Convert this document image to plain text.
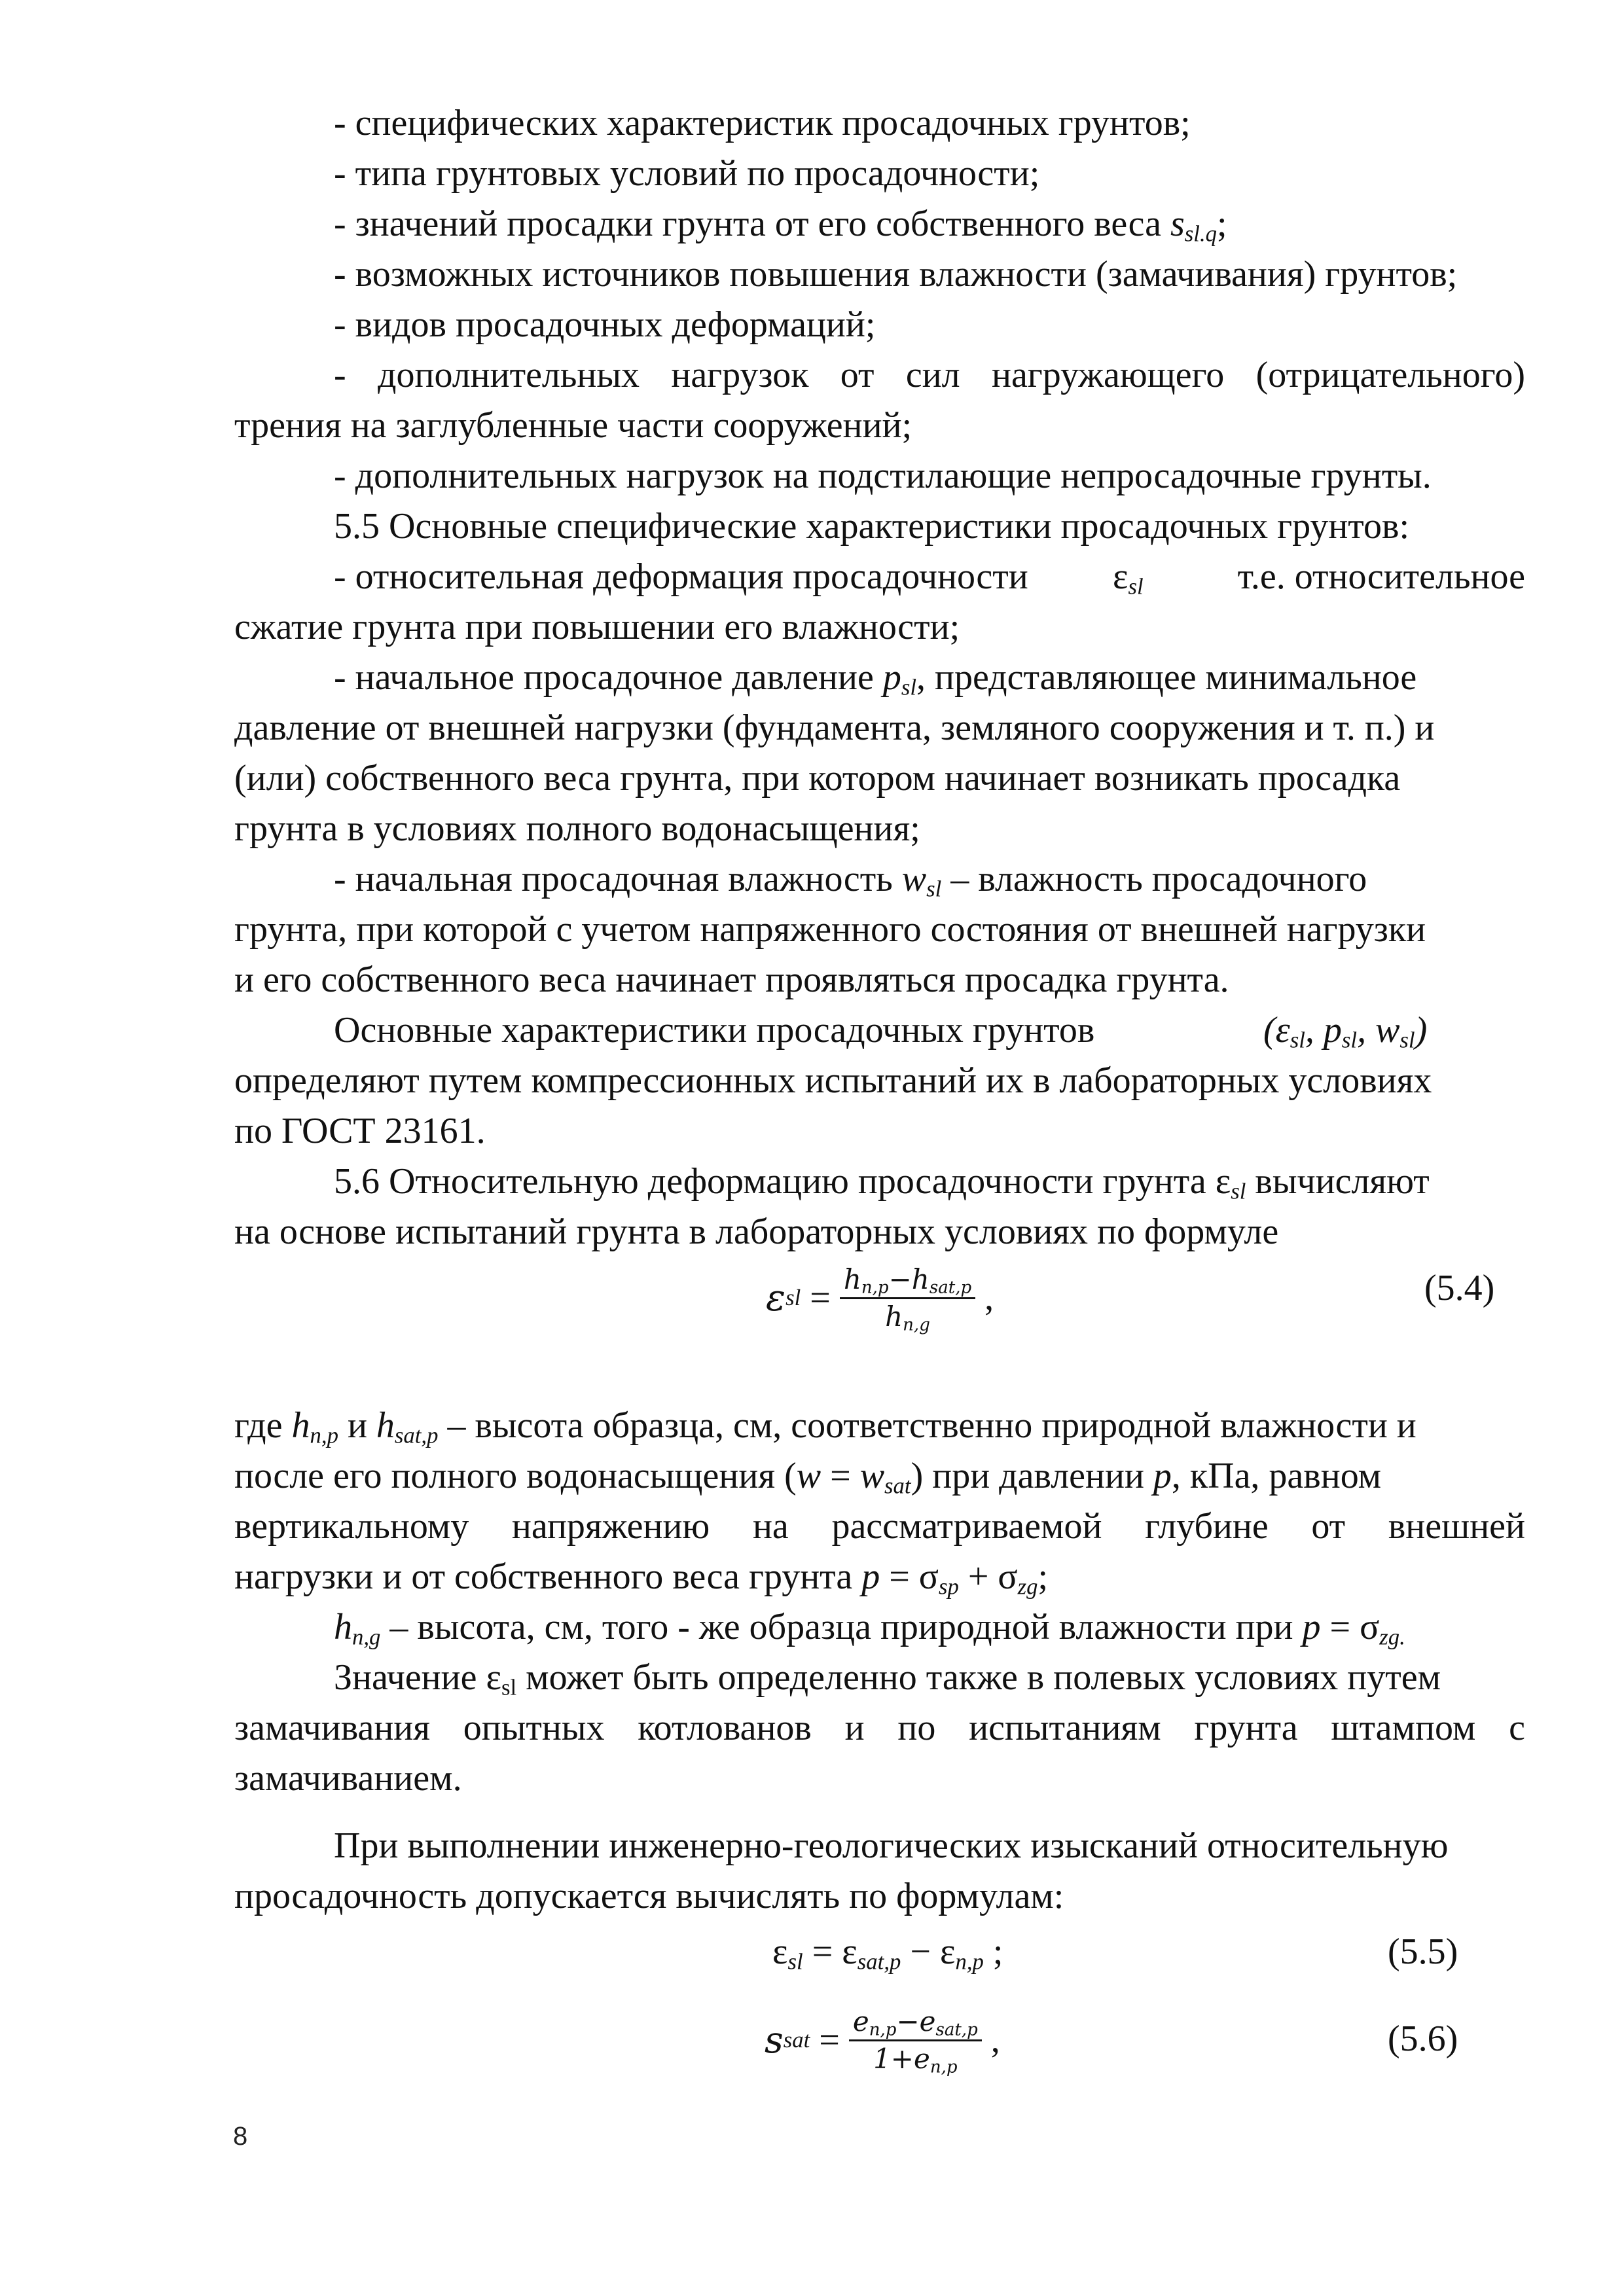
- специфических характеристик просадочных грунтов;
- типа грунтовых условий по просадочности;
- значений просадки грунта от его собственного веса $s_{sl.q}$;
- возможных источников повышения влажности (замачивания) грунтов;
- видов просадочных деформаций;
- дополнительных нагрузок от сил нагружающего (отрицательного)
трения на заглубленные части сооружений;
- дополнительных нагрузок на подстилающие непросадочные грунты.
5.5 Основные специфические характеристики просадочных грунтов:
- относительная деформация просадочности $\varepsilon_{sl}$	т.е. относительное
сжатие грунта при повышении его влажности;
- начальное просадочное давление $p_{sl}$, представляющее минимальное
давление от внешней нагрузки (фундамента, земляного сооружения и т. п.) и
(или) собственного веса грунта, при котором начинает возникать просадка
грунта в условиях полного водонасыщения;
- начальная просадочная влажность $w_{sl}$ – влажность просадочного
грунта, при которой с учетом напряженного состояния от внешней нагрузки
и его собственного веса начинает проявляться просадка грунта.
Основные характеристики просадочных грунтов	($\varepsilon_{sl}$, $p_{sl}$, $w_{sl}$)
определяют путем компрессионных испытаний их в лабораторных условиях
по ГОСТ 23161.
5.6 Относительную деформацию просадочности грунта $\varepsilon_{sl}$ вычисляют
на основе испытаний грунта в лабораторных условиях по формуле
ε sl = $\frac{h_{n,p}-h_{sat,p}}{h_{n,g}}$ ,	(5.4)
где $h_{n,p}$ и $h_{sat,p}$ – высота образца, см, соответственно природной влажности и
после его полного водонасыщения $(w = w_{sat})$ при давлении p, кПа, равном
вертикальному напряжению на рассматриваемой глубине от внешней
нагрузки и от собственного веса грунта $p = \sigma_{sp} + \sigma_{zg}$;
$h_{n,g}$ – высота, см, того - же образца природной влажности при $p = \sigma_{zg.}$
Значение $\varepsilon_{sl}$ может быть определенно также в полевых условиях путем
замачивания опытных котлованов и по испытаниям грунта штампом с
замачиванием.
При выполнении инженерно-геологических изысканий относительную
просадочность допускается вычислять по формулам:
$\varepsilon_{sl} = \varepsilon_{sat,p} - \varepsilon_{n,p}$ ;	(5.5)
s sat = $\frac{e_{n,p}-e_{sat,p}}{1+e_{n,p}}$ ,	(5.6)
8
